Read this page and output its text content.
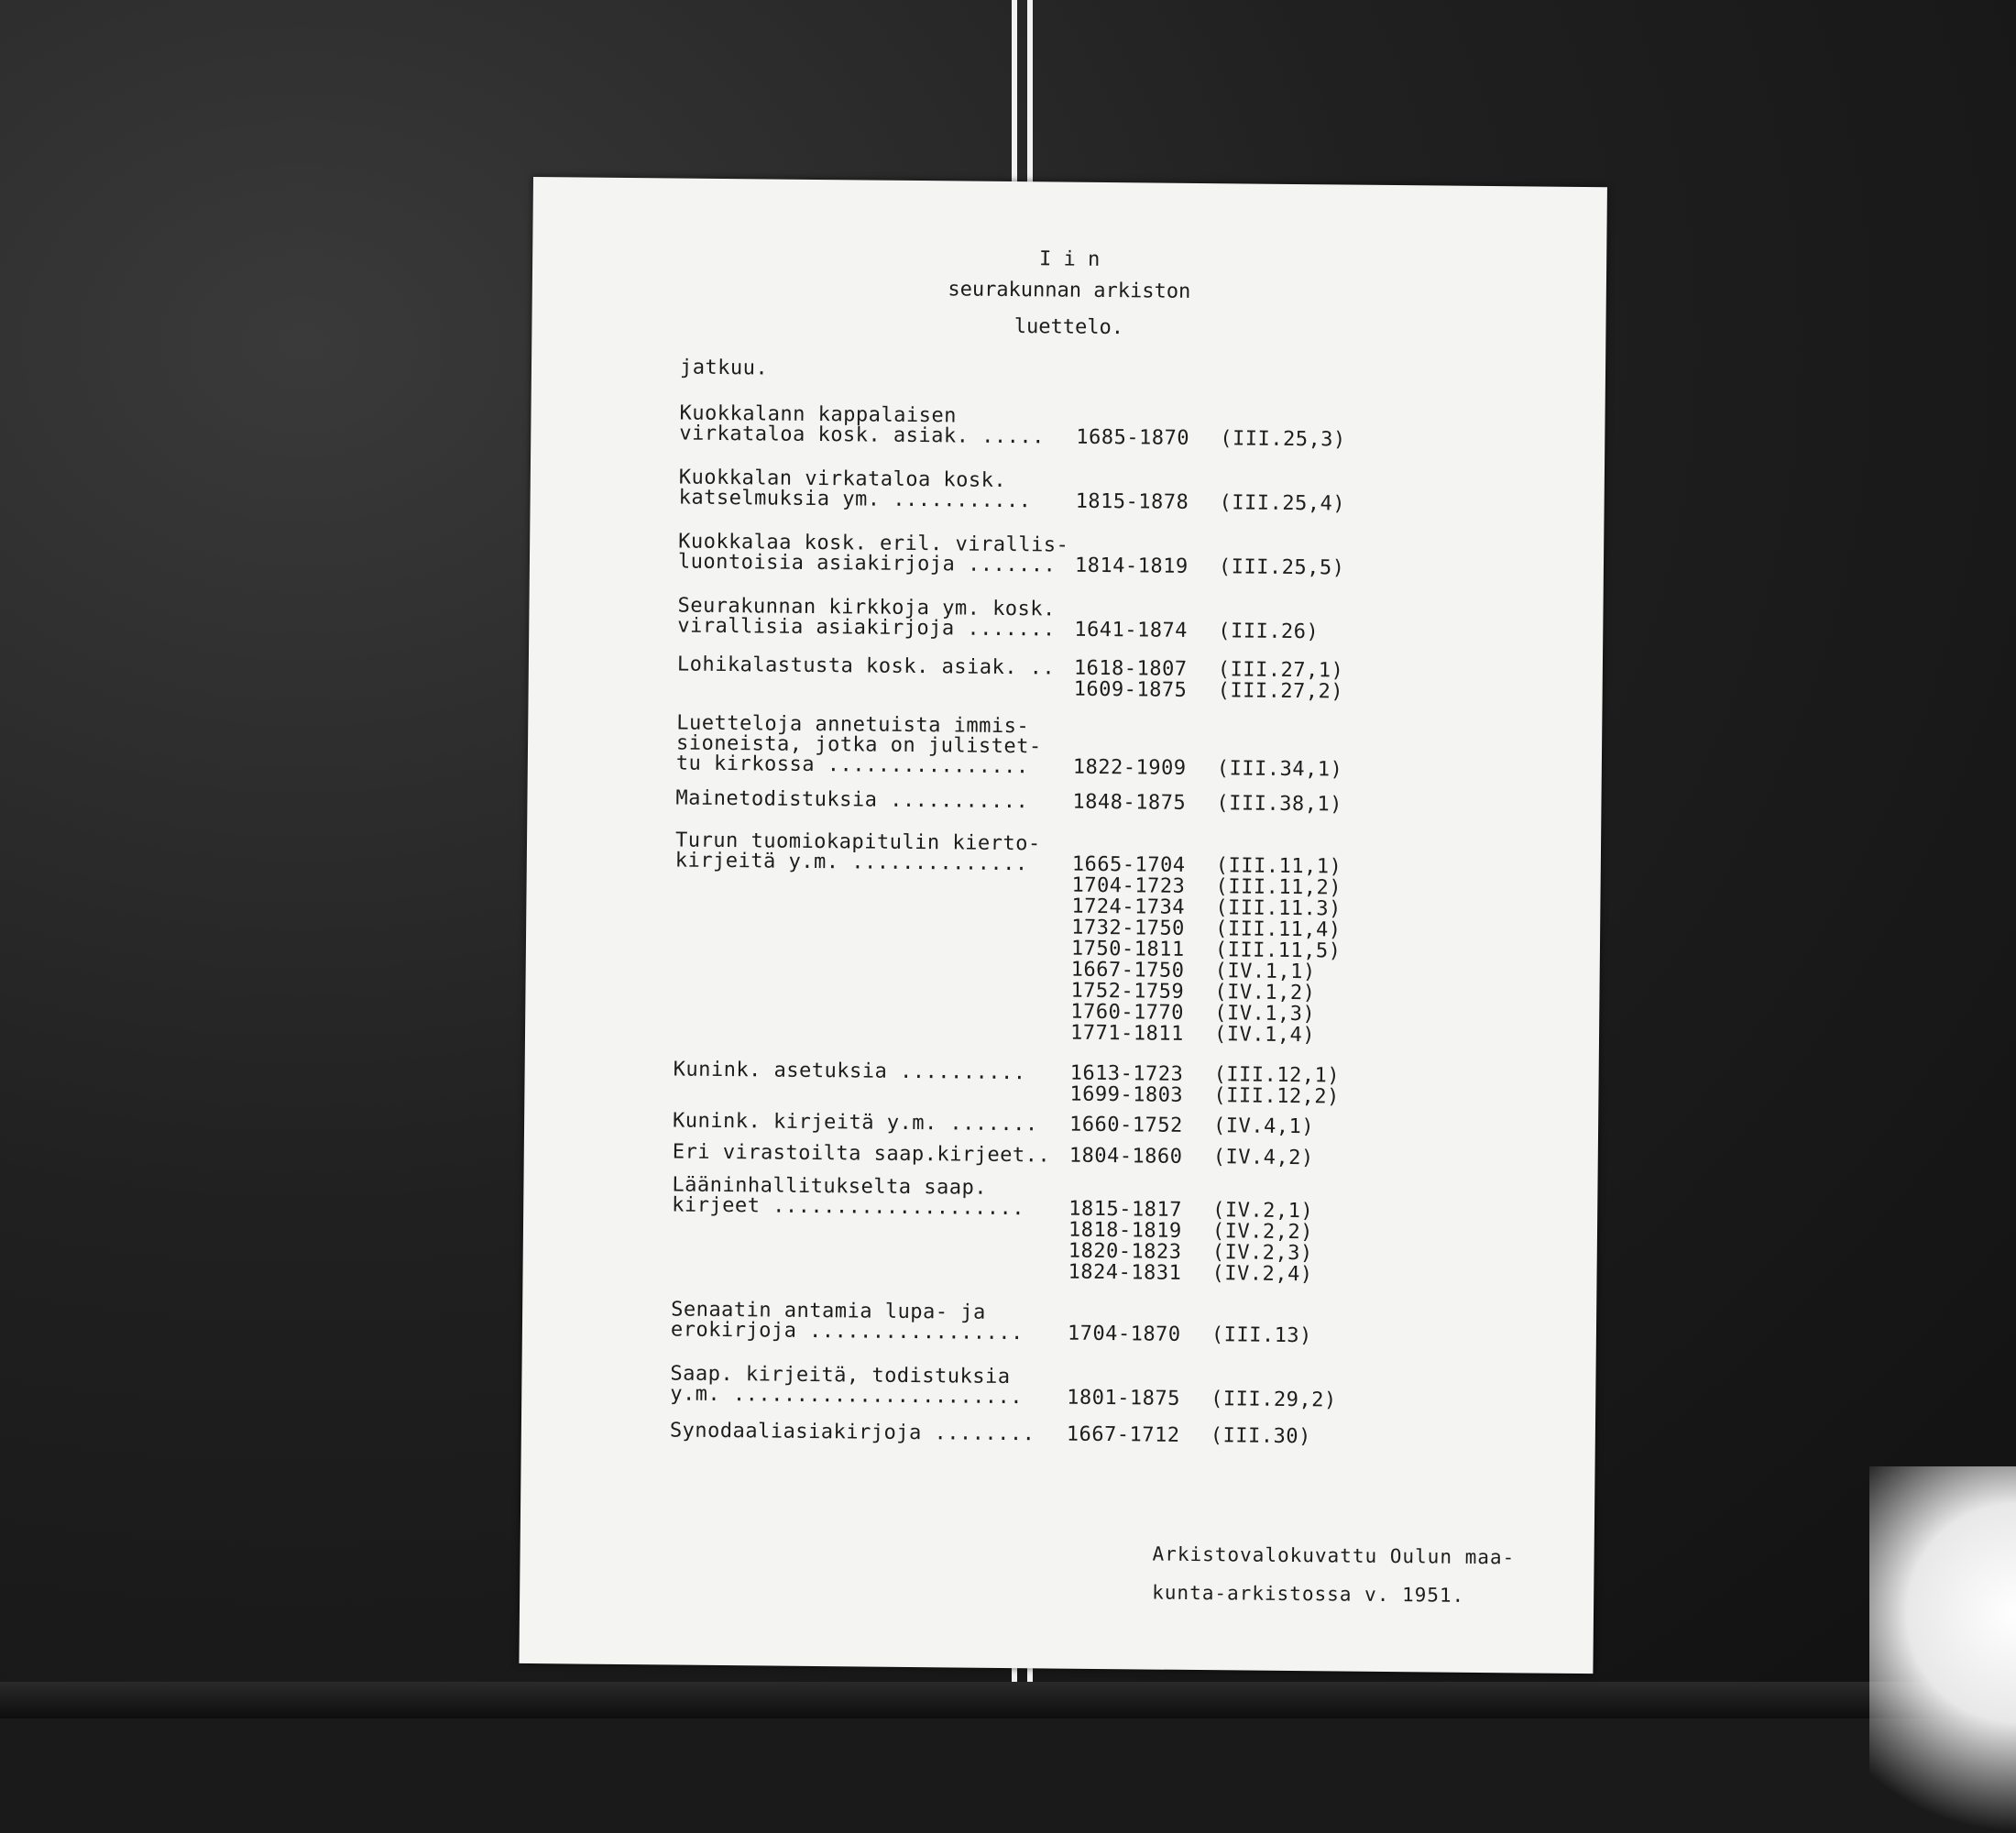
I i n
seurakunnan arkiston
luettelo.
jatkuu.
Kuokkalann kappalaisen
virkataloa kosk. asiak. ..... 1685-1870 (III.25,3)
Kuokkalan virkataloa kosk.
katselmuksia ym. ........... 1815-1878 (III.25,4)
Kuokkalaa kosk. eril. virallis-
luontoisia asiakirjoja ....... 1814-1819 (III.25,5)
Seurakunnan kirkkoja ym. kosk.
virallisia asiakirjoja ....... 1641-1874 (III.26)
Lohikalastusta kosk. asiak. .. 1618-1807
1609-1875
(III.27,1)
(III.27,2)
Luetteloja annetuista immis-
sioneista, jotka on julistet-
tu kirkossa ................ 1822-1909 (III.34,1)
Mainetodistuksia ........... 1848-1875 (III.38,1)
Turun tuomiokapitulin kierto-
kirjeitä y.m. .............. 1665-1704
1704-1723
1724-1734
1732-1750
1750-1811
1667-1750
1752-1759
1760-1770
1771-1811
(III.11,1)
(III.11,2)
(III.11.3)
(III.11,4)
(III.11,5)
(IV.1,1)
(IV.1,2)
(IV.1,3)
(IV.1,4)
Kunink. asetuksia .......... 1613-1723
1699-1803
(III.12,1)
(III.12,2)
Kunink. kirjeitä y.m. ....... 1660-1752 (IV.4,1)
Eri virastoilta saap.kirjeet.. 1804-1860 (IV.4,2)
Lääninhallitukselta saap.
kirjeet .................... 1815-1817
1818-1819
1820-1823
1824-1831
(IV.2,1)
(IV.2,2)
(IV.2,3)
(IV.2,4)
Senaatin antamia lupa- ja
erokirjoja ................. 1704-1870 (III.13)
Saap. kirjeitä, todistuksia
y.m. ....................... 1801-1875 (III.29,2)
Synodaaliasiakirjoja ........ 1667-1712 (III.30)
Arkistovalokuvattu Oulun maa-
kunta-arkistossa v. 1951.
